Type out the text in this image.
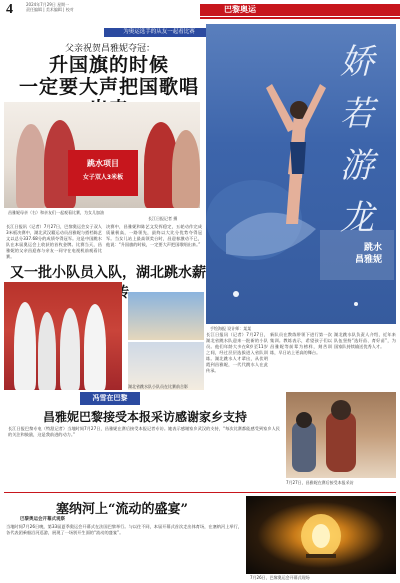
4	2024年7月29日 星期一
责任编辑 | 美术编辑 | 校对	巴黎奥运	长江日报
为奥运选手的从友一起看比赛
父亲祝贺昌雅妮夺冠：
升国旗的时候
一定要大声把国歌唱
跳水项目
女子双人3米板
昌雅妮母亲（右）和亲友们一起观看比赛，为女儿加油
长江日报记者 摄
长江日报讯（记者）7月27日，巴黎奥运会女子双人3米板决赛中，湖北武汉籍运动员昌雅妮与搭档陈艺文以总分337.68分的成绩夺得冠军。这是中国跳水队在本届奥运会上收获的首枚金牌。比赛当天，昌雅妮的父亲昌迎春与亲友一同守在电视机前观看比赛。
决赛中，昌雅妮和陈艺文发挥稳定，五轮动作完成质量极高，一路领先，最终以大比分优势夺得冠军。当女儿站上最高领奖台时，昌迎春激动不已，他说：“升国旗的时候，一定要大声把国歌唱出来。”
娇若游龙
跳水
昌雅妮
手绘海报 设计师：某某
又一批小队员入队，湖北跳水薪
湖北省跳水队小队员在比赛前合影
长江日报讯（记者）7月27日，湖北省跳水队迎来一批新的小队员。他们年龄大多在8岁至11岁之间，经过层层选拔进入省队训练。湖北跳水人才辈出，从伏明霞到昌雅妮，一代代跳水人在此传承。
新队员在教练带领下进行第一次集训。教练表示，希望孩子们以昌雅妮等前辈为榜样，刻苦训练，早日站上更高的舞台。
湖北跳水队负责人介绍，近年来队伍坚持“选好苗、育好苗”，为国家队持续输送优秀人才。
冯雪在巴黎
昌雅妮巴黎接受本报采访感谢家乡支持
长江日报巴黎专电（特派记者）当地时间7月27日，昌雅妮在赛后接受本报记者专访。她表示感谢家乡武汉的支持，“每次比赛都能感受到家乡人民的关注和鼓励，这是我前进的动力。”
7月27日，昌雅妮在赛后接受本报采访
塞纳河上“流动的盛宴”
巴黎奥运会开幕式观察
当地时间7月26日晚，第33届夏季奥运会开幕式在法国巴黎举行。与以往不同，本届开幕式首次走出体育场，在塞纳河上举行，各代表团乘船沿河巡游，展现了一场别开生面的“流动的盛宴”。
7月26日，巴黎奥运会开幕式现场
